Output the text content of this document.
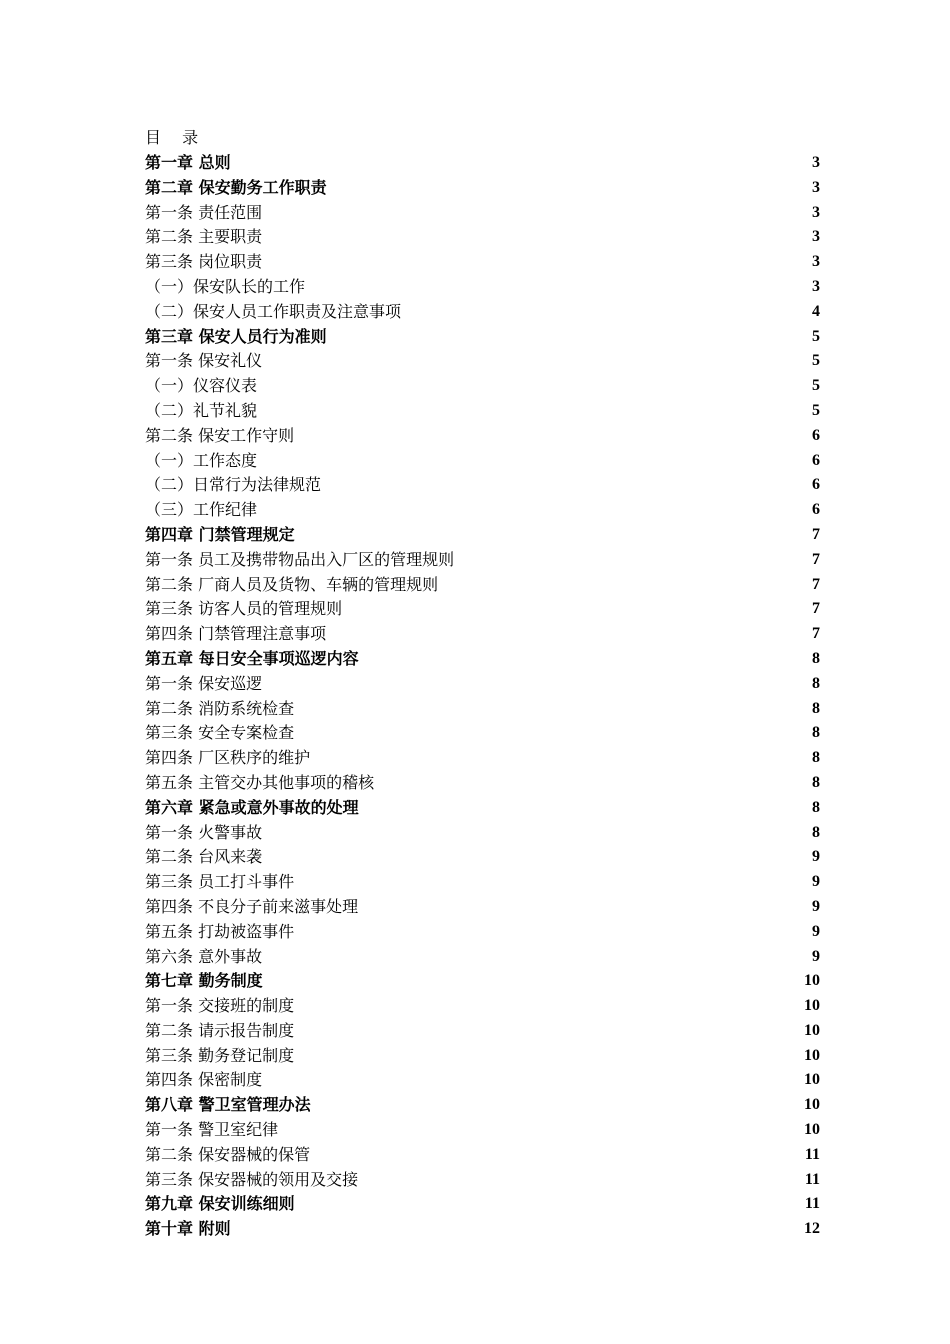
目 录
第一章 总则	3
第二章 保安勤务工作职责	3
第一条 责任范围	3
第二条 主要职责	3
第三条 岗位职责	3
（一）保安队长的工作	3
（二）保安人员工作职责及注意事项	4
第三章 保安人员行为准则	5
第一条 保安礼仪	5
（一）仪容仪表	5
（二）礼节礼貌	5
第二条 保安工作守则	6
（一）工作态度	6
（二）日常行为法律规范	6
（三）工作纪律	6
第四章 门禁管理规定	7
第一条 员工及携带物品出入厂区的管理规则	7
第二条 厂商人员及货物、车辆的管理规则	7
第三条 访客人员的管理规则	7
第四条 门禁管理注意事项	7
第五章 每日安全事项巡逻内容	8
第一条 保安巡逻	8
第二条 消防系统检查	8
第三条 安全专案检查	8
第四条 厂区秩序的维护	8
第五条 主管交办其他事项的稽核	8
第六章 紧急或意外事故的处理	8
第一条 火警事故	8
第二条 台风来袭	9
第三条 员工打斗事件	9
第四条 不良分子前来滋事处理	9
第五条 打劫被盗事件	9
第六条 意外事故	9
第七章 勤务制度	10
第一条 交接班的制度	10
第二条 请示报告制度	10
第三条 勤务登记制度	10
第四条 保密制度	10
第八章 警卫室管理办法	10
第一条 警卫室纪律	10
第二条 保安器械的保管	11
第三条 保安器械的领用及交接	11
第九章 保安训练细则	11
第十章 附则	12
